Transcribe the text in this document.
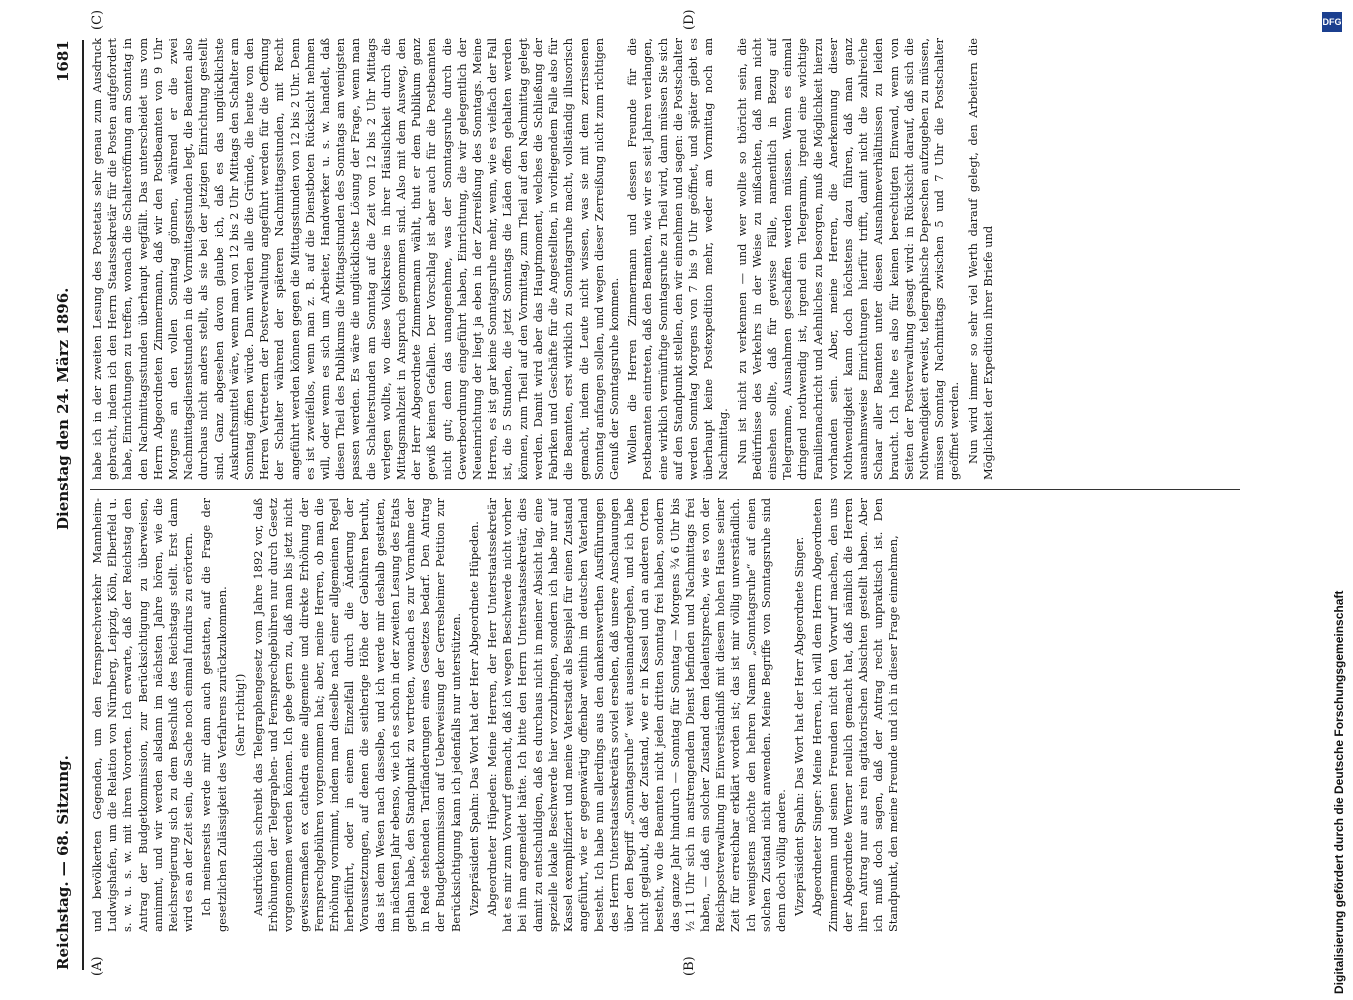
Reichstag. — 68. Sitzung.
Dienstag den 24. März 1896.
1681
(A)	(B)
(C)	(D)

und bevölkerten Gegenden, um den Fernsprechverkehr Mannheim-Ludwigshafen, um die Relation von Nürnberg, Leipzig, Köln, Elberfeld u. s. w. u. s. w. mit ihren Vororten. Ich erwarte, daß der Reichstag den Antrag der Budgetkommission, zur Berücksichtigung zu überweisen, annimmt, und wir werden alsdann im nächsten Jahre hören, wie die Reichsregierung sich zu dem Beschluß des Reichstags stellt. Erst dann wird es an der Zeit sein, die Sache noch einmal fundirus zu erörtern. Ich meinerseits werde mir dann auch gestatten, auf die Frage der gesetzlichen Zulässigkeit des Verfahrens zurückzukommen. (Sehr richtig!) Ausdrücklich schreibt das Telegraphengesetz vom Jahre 1892 vor, daß Erhöhungen der Telegraphen- und Fernsprechgebühren nur durch Gesetz vorgenommen werden können. Ich gebe gern zu, daß man bis jetzt nicht gewissermaßen ex cathedra eine allgemeine und direkte Erhöhung der Fernsprechgebühren vorgenommen hat; aber, meine Herren, ob man die Erhöhung vornimmt, indem man dieselbe nach einer allgemeinen Regel herbeiführt, oder in einem Einzelfall durch die Änderung der Voraussetzungen, auf denen die seitherige Höhe der Gebühren beruht, das ist dem Wesen nach dasselbe, und ich werde mir deshalb gestatten, im nächsten Jahr ebenso, wie ich es schon in der zweiten Lesung des Etats gethan habe, den Standpunkt zu vertreten, wonach es zur Vornahme der in Rede stehenden Tarifänderungen eines Gesetzes bedarf. Den Antrag der Budgetkommission auf Ueberweisung der Gerresheimer Petition zur Berücksichtigung kann ich jedenfalls nur unterstützen. Vizepräsident Spahn: Das Wort hat der Herr Abgeordnete Hüpeden. Abgeordneter Hüpeden: Meine Herren, der Herr Unterstaatssekretär hat es mir zum Vorwurf gemacht, daß ich wegen Beschwerde nicht vorher bei ihm angemeldet hätte. Ich bitte den Herrn Unterstaatssekretär, dies damit zu entschuldigen, daß es durchaus nicht in meiner Absicht lag, eine spezielle lokale Beschwerde hier vorzubringen, sondern ich habe nur auf Kassel exemplifiziert und meine Vaterstadt als Beispiel für einen Zustand angeführt, wie er gegenwärtig offenbar weithin im deutschen Vaterland besteht. Ich habe nun allerdings aus den dankenswerthen Ausführungen des Herrn Unterstaatssekretärs soviel ersehen, daß unsere Anschauungen über den Begriff „Sonntagsruhe“ weit auseinandergehen, und ich habe nicht geglaubt, daß der Zustand, wie er in Kassel und an anderen Orten besteht, wo die Beamten nicht jeden dritten Sonntag frei haben, sondern das ganze Jahr hindurch — Sonntag für Sonntag — Morgens ¾ 6 Uhr bis ½ 11 Uhr sich in anstrengendem Dienst befinden und Nachmittags frei haben, — daß ein solcher Zustand dem Idealentspreche, wie es von der Reichspostverwaltung im Einverständniß mit diesem hohen Hause seiner Zeit für erreichbar erklärt worden ist; das ist mir völlig unverständlich. Ich wenigstens möchte den hehren Namen „Sonntagsruhe“ auf einen solchen Zustand nicht anwenden. Meine Begriffe von Sonntagsruhe sind denn doch völlig andere. Vizepräsident Spahn: Das Wort hat der Herr Abgeordnete Singer. Abgeordneter Singer: Meine Herren, ich will dem Herrn Abgeordneten Zimmermann und seinen Freunden nicht den Vorwurf machen, den uns der Abgeordnete Werner neulich gemacht hat, daß nämlich die Herren ihren Antrag nur aus rein agitatorischen Absichten gestellt haben. Aber ich muß doch sagen, daß der Antrag recht unpraktisch ist. Den Standpunkt, den meine Freunde und ich in dieser Frage einnehmen,

habe ich in der zweiten Lesung des Postetats sehr genau zum Ausdruck gebracht, indem ich den Herrn Staatssekretär für die Posten aufgefordert habe, Einrichtungen zu treffen, wonach die Schalteröffnung am Sonntag in den Nachmittagsstunden überhaupt wegfällt. Das unterscheidet uns vom Herrn Abgeordneten Zimmermann, daß wir den Postbeamten von 9 Uhr Morgens an den vollen Sonntag gönnen, während er die zwei Nachmittagsdienststunden in die Vormittagsstunden legt, die Beamten also durchaus nicht anders stellt, als sie bei der jetzigen Einrichtung gestellt sind. Ganz abgesehen davon glaube ich, daß es das unglücklichste Auskunftsmittel wäre, wenn man von 12 bis 2 Uhr Mittags den Schalter am Sonntag öffnen würde. Dann würden alle die Gründe, die heute von den Herren Vertretern der Postverwaltung angeführt werden für die Oeffnung der Schalter während der späteren Nachmittagsstunden, mit Recht angeführt werden können gegen die Mittagsstunden von 12 bis 2 Uhr. Denn es ist zweifellos, wenn man z. B. auf die Dienstboten Rücksicht nehmen will, oder wenn es sich um Arbeiter, Handwerker u. s. w. handelt, daß diesen Theil des Publikums die Mittagsstunden des Sonntags am wenigsten passen werden. Es wäre die unglücklichste Lösung der Frage, wenn man die Schalterstunden am Sonntag auf die Zeit von 12 bis 2 Uhr Mittags verlegen wollte, wo diese Volkskreise in ihrer Häuslichkeit durch die Mittagsmahlzeit in Anspruch genommen sind. Also mit dem Ausweg, den der Herr Abgeordnete Zimmermann wählt, thut er dem Publikum ganz gewiß keinen Gefallen. Der Vorschlag ist aber auch für die Postbeamten nicht gut; denn das unangenehme, was der Sonntagsruhe durch die Gewerbeordnung eingeführt haben, Einrichtung, die wir gelegentlich der Neueinrichtung der liegt ja eben in der Zerreißung des Sonntags. Meine Herren, es ist gar keine Sonntagsruhe mehr, wenn, wie es vielfach der Fall ist, die 5 Stunden, die jetzt Sonntags die Läden offen gehalten werden können, zum Theil auf den Vormittag, zum Theil auf den Nachmittag gelegt werden. Damit wird aber das Hauptmoment, welches die Schließung der Fabriken und Geschäfte für die Angestellten, in vorliegendem Falle also für die Beamten, erst wirklich zu Sonntagsruhe macht, vollständig illusorisch gemacht, indem die Leute nicht wissen, was sie mit dem zerrissenen Sonntag anfangen sollen, und wegen dieser Zerreißung nicht zum richtigen Genuß der Sonntagsruhe kommen. Wollen die Herren Zimmermann und dessen Freunde für die Postbeamten eintreten, daß den Beamten, wie wir es seit Jahren verlangen, eine wirklich vernünftige Sonntagsruhe zu Theil wird, dann müssen Sie sich auf den Standpunkt stellen, den wir einnehmen und sagen: die Postschalter werden Sonntag Morgens von 7 bis 9 Uhr geöffnet, und später giebt es überhaupt keine Postexpedition mehr, weder am Vormittag noch am Nachmittag. Nun ist nicht zu verkennen — und wer wollte so thöricht sein, die Bedürfnisse des Verkehrs in der Weise zu mißachten, daß man nicht einsehen sollte, daß für gewisse Fälle, namentlich in Bezug auf Telegramme, Ausnahmen geschaffen werden müssen. Wenn es einmal dringend nothwendig ist, irgend ein Telegramm, irgend eine wichtige Familiennachricht und Aehnliches zu besorgen, muß die Möglichkeit hierzu vorhanden sein. Aber, meine Herren, die Anerkennung dieser Nothwendigkeit kann doch höchstens dazu führen, daß man ganz ausnahmsweise Einrichtungen hierfür trifft, damit nicht die zahlreiche Schaar aller Beamten unter diesen Ausnahmeverhältnissen zu leiden braucht. Ich halte es also für keinen berechtigten Einwand, wenn von Seiten der Postverwaltung gesagt wird: in Rücksicht darauf, daß sich die Nothwendigkeit erweist, telegraphische Depeschen aufzugeben zu müssen, müssen Sonntag Nachmittags zwischen 5 und 7 Uhr die Postschalter geöffnet werden. Nun wird immer so sehr viel Werth darauf gelegt, den Arbeitern die Möglichkeit der Expedition ihrer Briefe und

DFG
Digitalisierung gefördert durch die Deutsche Forschungsgemeinschaft
